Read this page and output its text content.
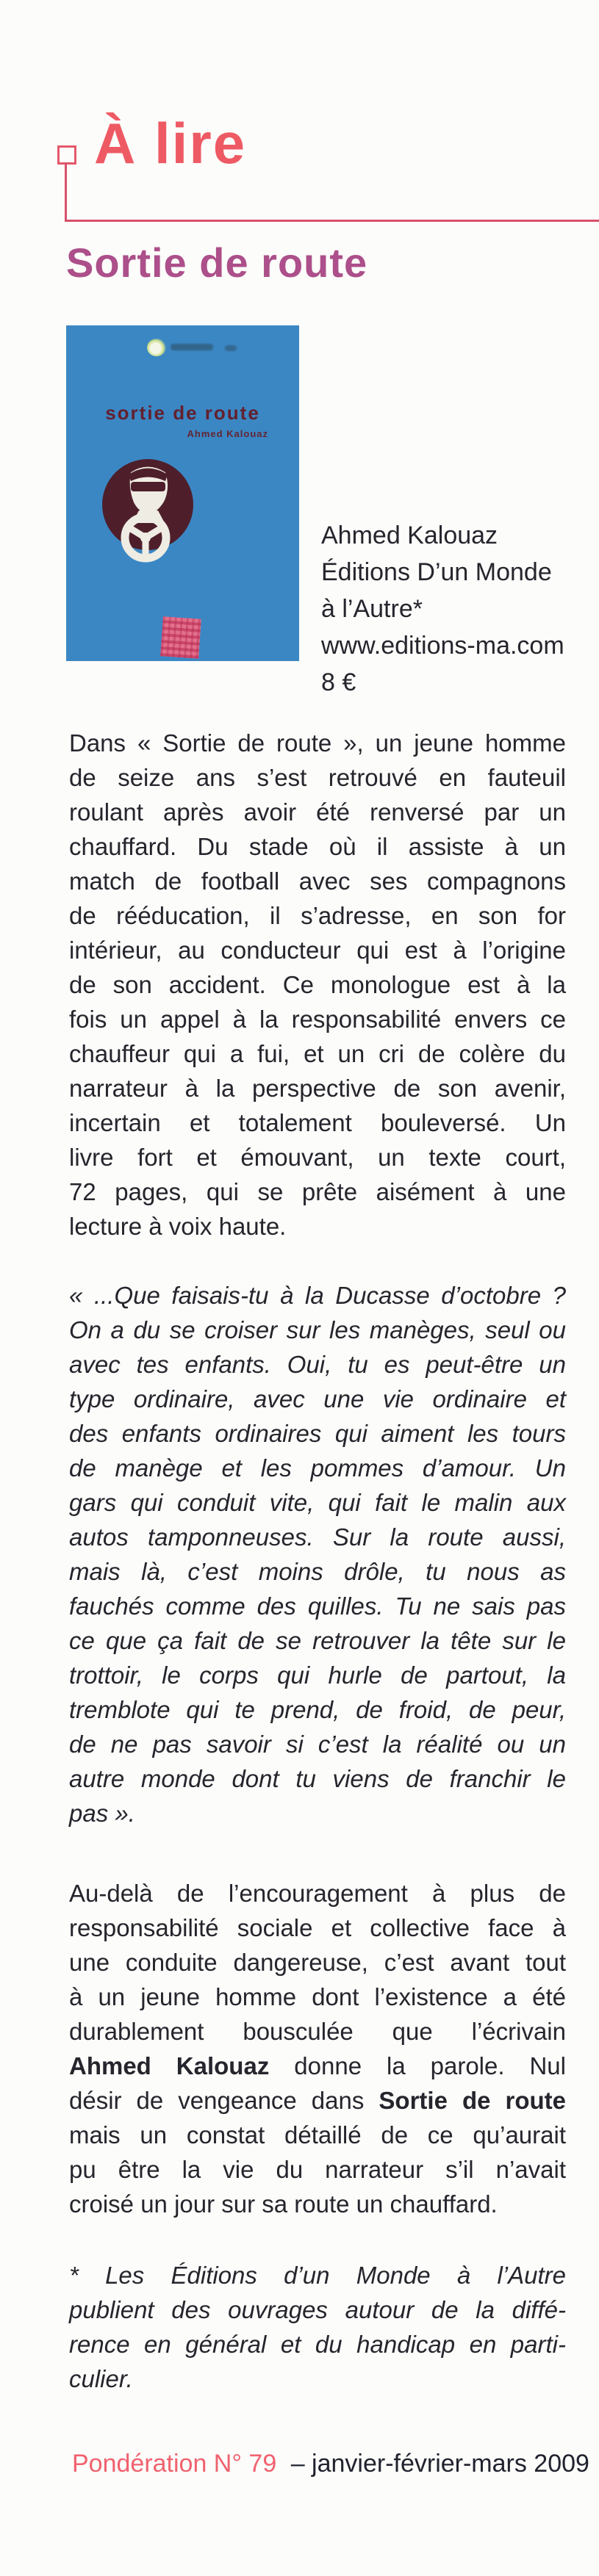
À lire
Sortie de route
sortie de route
Ahmed Kalouaz
Ahmed Kalouaz
Éditions D’un Monde
à l’Autre*
www.editions-ma.com
8 €
Dans « Sortie de route », un jeune homme
de seize ans s’est retrouvé en fauteuil
roulant après avoir été renversé par un
chauffard. Du stade où il assiste à un
match de football avec ses compagnons
de rééducation, il s’adresse, en son for
intérieur, au conducteur qui est à l’origine
de son accident. Ce monologue est à la
fois un appel à la responsabilité envers ce
chauffeur qui a fui, et un cri de colère du
narrateur à la perspective de son avenir,
incertain et totalement bouleversé. Un
livre fort et émouvant, un texte court,
72 pages, qui se prête aisément à une
lecture à voix haute.
« ...Que faisais-tu à la Ducasse d’octobre ?
On a du se croiser sur les manèges, seul ou
avec tes enfants. Oui, tu es peut-être un
type ordinaire, avec une vie ordinaire et
des enfants ordinaires qui aiment les tours
de manège et les pommes d’amour. Un
gars qui conduit vite, qui fait le malin aux
autos tamponneuses. Sur la route aussi,
mais là, c’est moins drôle, tu nous as
fauchés comme des quilles. Tu ne sais pas
ce que ça fait de se retrouver la tête sur le
trottoir, le corps qui hurle de partout, la
tremblote qui te prend, de froid, de peur,
de ne pas savoir si c’est la réalité ou un
autre monde dont tu viens de franchir le
pas ».
Au-delà de l’encouragement à plus de
responsabilité sociale et collective face à
une conduite dangereuse, c’est avant tout
à un jeune homme dont l’existence a été
durablement bousculée que l’écrivain
Ahmed Kalouaz donne la parole. Nul
désir de vengeance dans Sortie de route
mais un constat détaillé de ce qu’aurait
pu être la vie du narrateur s’il n’avait
croisé un jour sur sa route un chauffard.
* Les Éditions d’un Monde à l’Autre
publient des ouvrages autour de la diffé-
rence en général et du handicap en parti-
culier.
Pondération N° 79 – janvier-février-mars 2009
